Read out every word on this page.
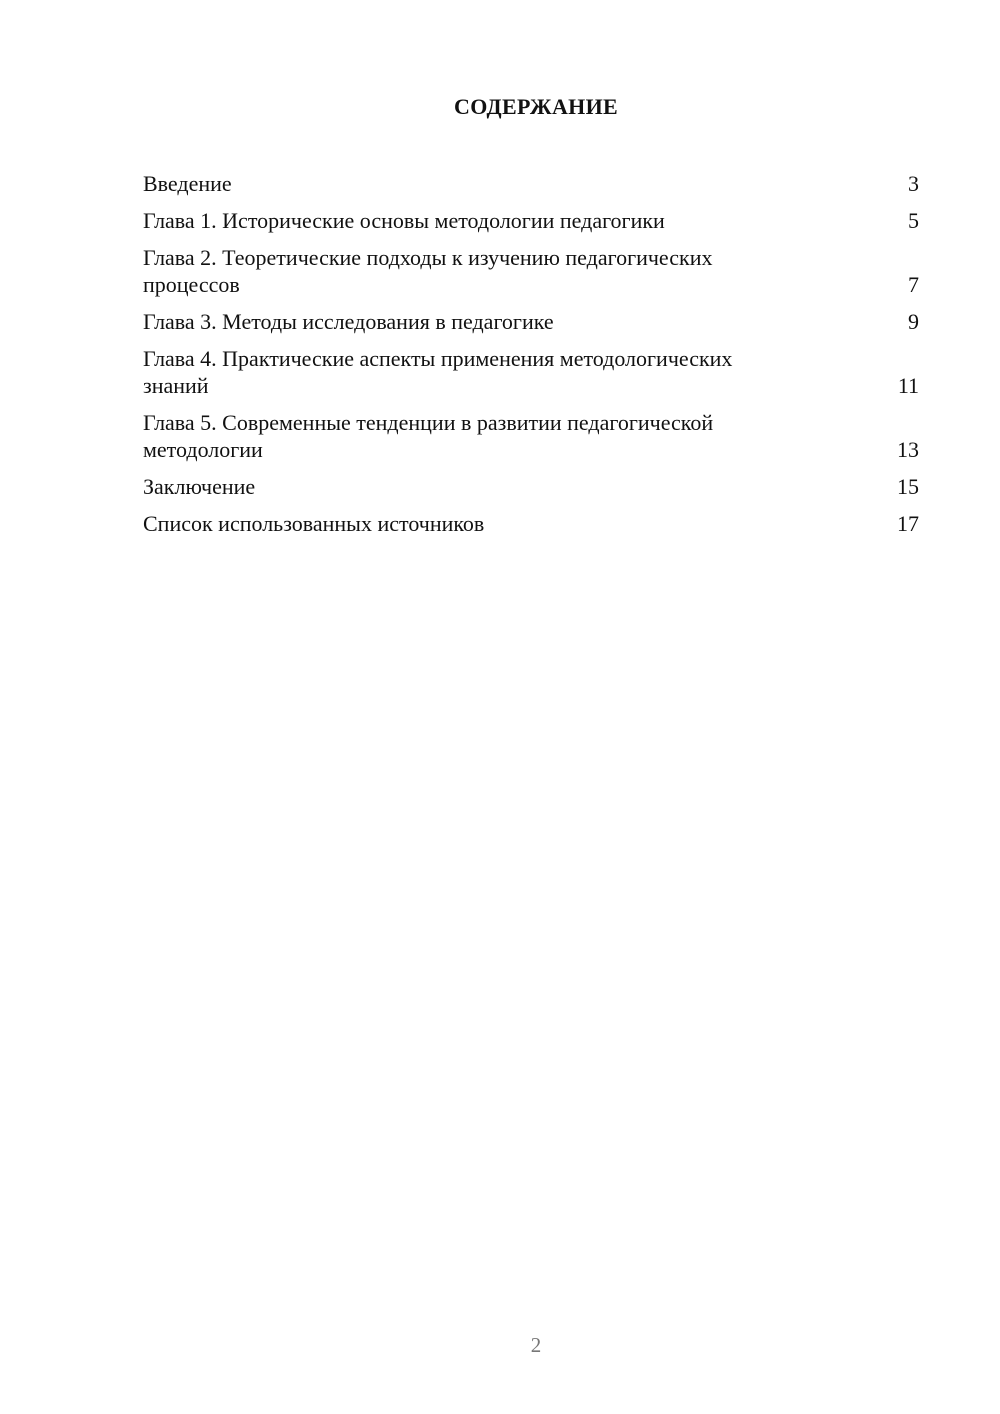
СОДЕРЖАНИЕ
Введение	3
Глава 1. Исторические основы методологии педагогики	5
Глава 2. Теоретические подходы к изучению педагогических
процессов	7
Глава 3. Методы исследования в педагогике	9
Глава 4. Практические аспекты применения методологических
знаний	11
Глава 5. Современные тенденции в развитии педагогической
методологии	13
Заключение	15
Список использованных источников	17
2
